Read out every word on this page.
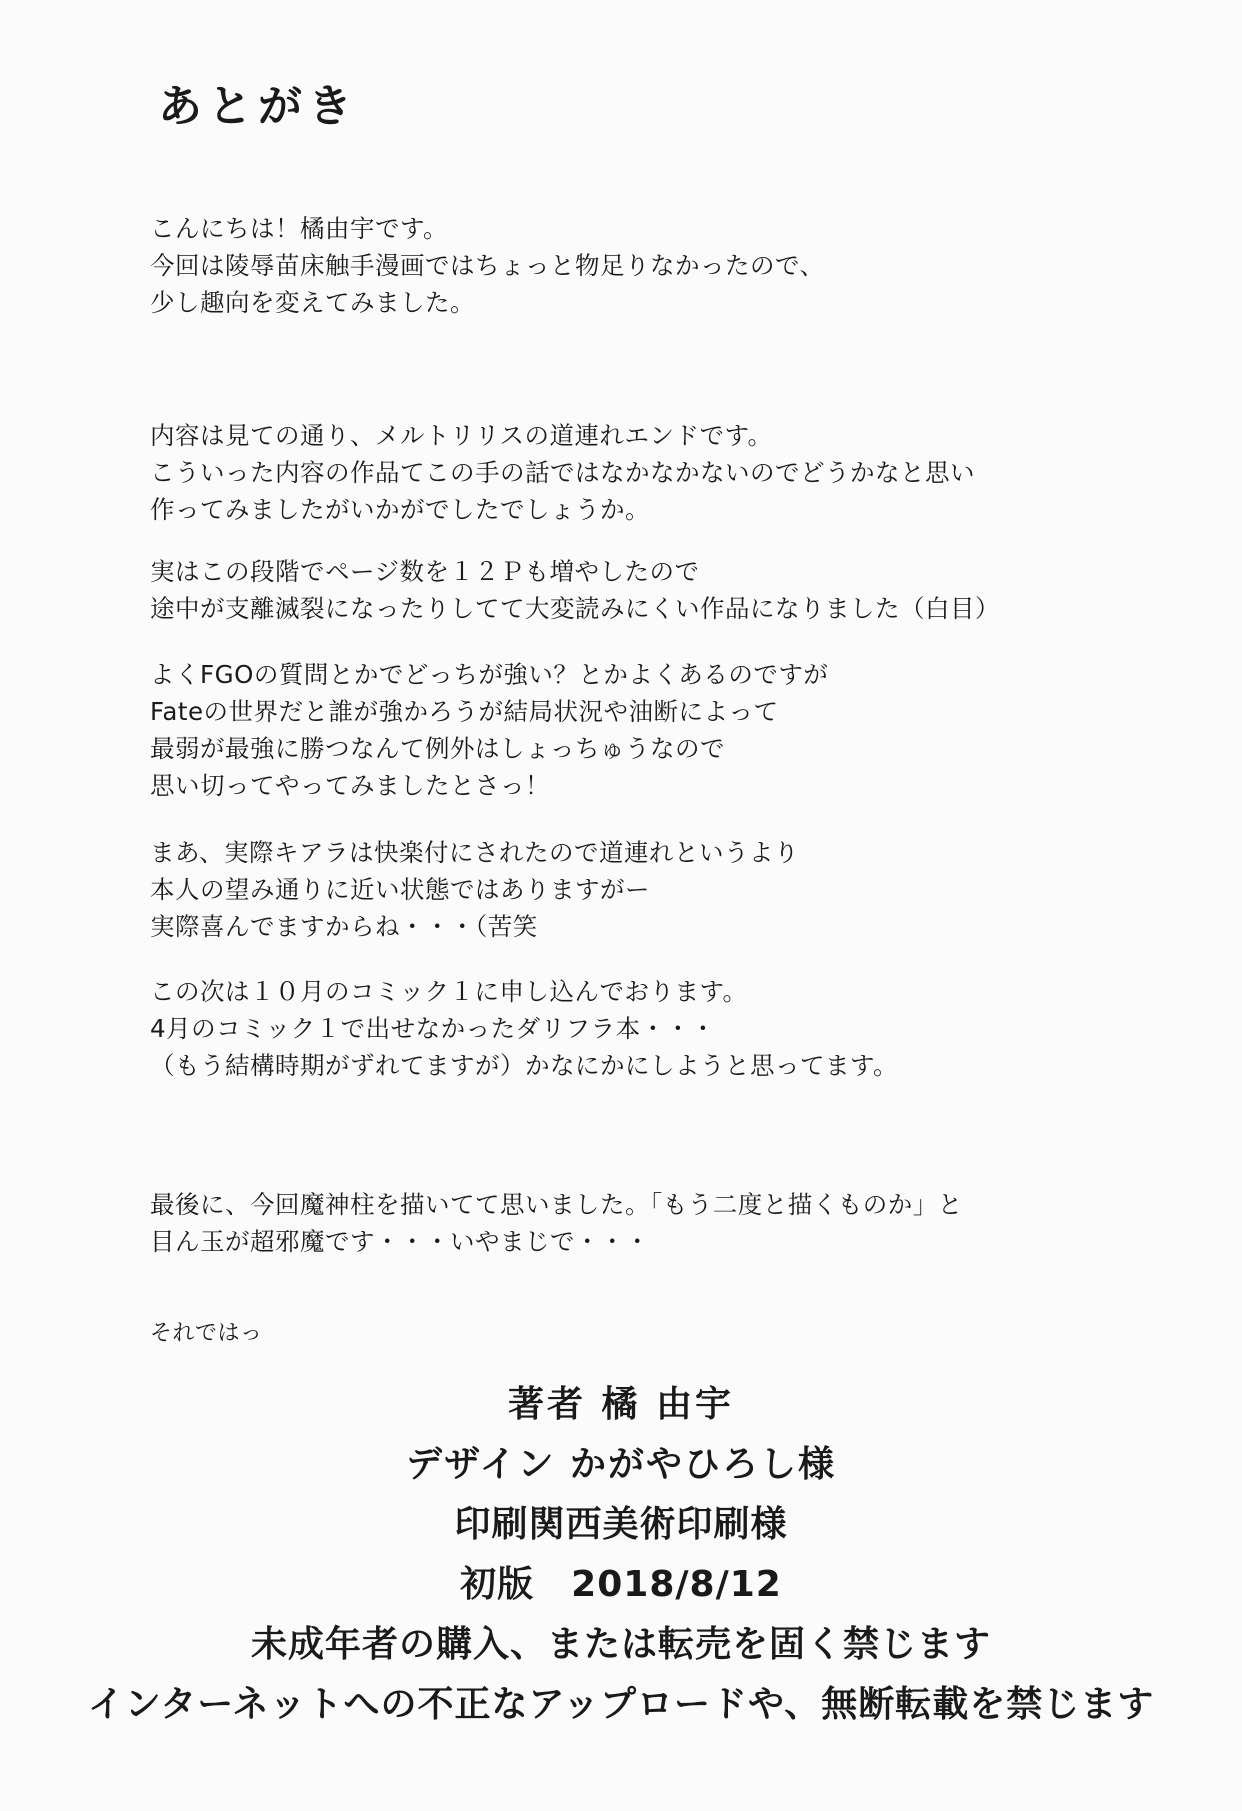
あとがき
こんにちは！橘由宇です。
今回は陵辱苗床触手漫画ではちょっと物足りなかったので、
少し趣向を変えてみました。
内容は見ての通り、メルトリリスの道連れエンドです。
こういった内容の作品てこの手の話ではなかなかないのでどうかなと思い
作ってみましたがいかがでしたでしょうか。
実はこの段階でページ数を１２Ｐも増やしたので
途中が支離滅裂になったりしてて大変読みにくい作品になりました（白目）
よくFGOの質問とかでどっちが強い？とかよくあるのですが
Fateの世界だと誰が強かろうが結局状況や油断によって
最弱が最強に勝つなんて例外はしょっちゅうなので
思い切ってやってみましたとさっ！
まあ、実際キアラは快楽付にされたので道連れというより
本人の望み通りに近い状態ではありますがー
実際喜んでますからね・・・（苦笑
この次は１０月のコミック１に申し込んでおります。
4月のコミック１で出せなかったダリフラ本・・・
（もう結構時期がずれてますが）かなにかにしようと思ってます。
最後に、今回魔神柱を描いてて思いました。「もう二度と描くものか」と
目ん玉が超邪魔です・・・いやまじで・・・
それではっ
著者 橘 由宇
デザイン かがやひろし様
印刷関西美術印刷様
初版　2018/8/12
未成年者の購入、または転売を固く禁じます
インターネットへの不正なアップロードや、無断転載を禁じます
